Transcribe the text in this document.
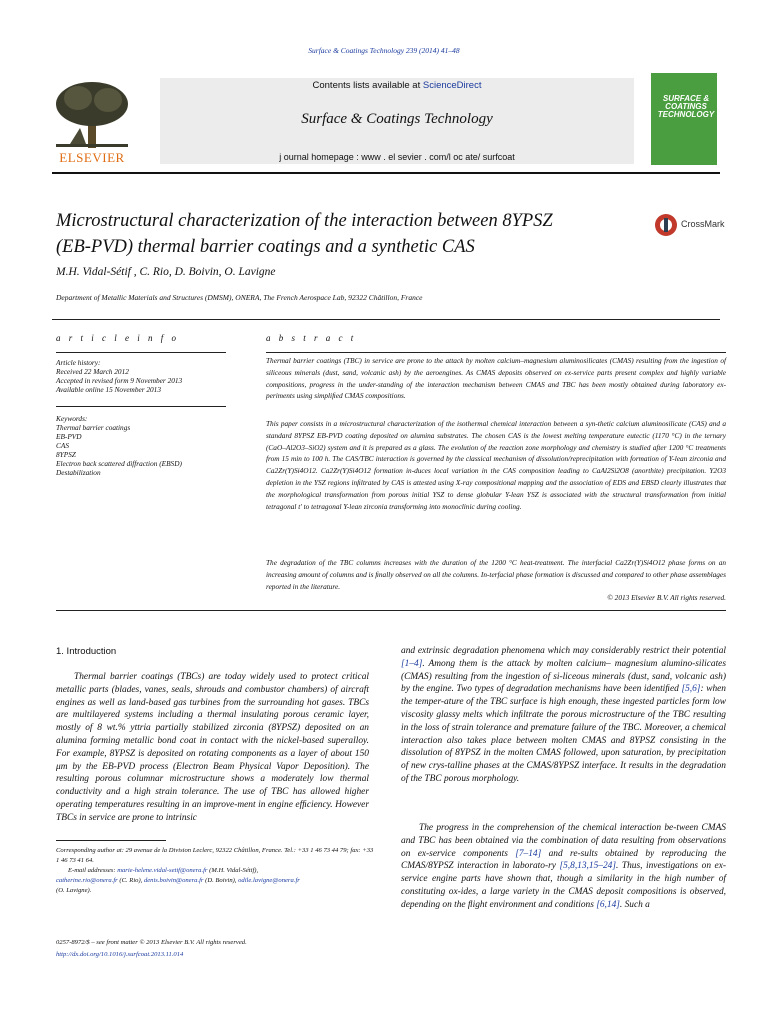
Surface & Coatings Technology 239 (2014) 41–48
Contents lists available at ScienceDirect
Surface & Coatings Technology
j ournal homepage : www . el sevier . com/l oc ate/ surfcoat
ELSEVIER
SURFACE & COATINGS TECHNOLOGY
Microstructural characterization of the interaction between 8YPSZ (EB-PVD) thermal barrier coatings and a synthetic CAS
CrossMark
M.H. Vidal-Sétif , C. Rio, D. Boivin, O. Lavigne
Department of Metallic Materials and Structures (DMSM), ONERA, The French Aerospace Lab, 92322 Châtillon, France
a r t i c l e i n f o
Article history:
Received 22 March 2012
Accepted in revised form 9 November 2013
Available online 15 November 2013
Keywords:
Thermal barrier coatings
EB-PVD
CAS
8YPSZ
Electron back scattered diffraction (EBSD)
Destabilization
a b s t r a c t
Thermal barrier coatings (TBC) in service are prone to the attack by molten calcium–magnesium aluminosilicates (CMAS) resulting from the ingestion of siliceous minerals (dust, sand, volcanic ash) by the aeroengines. As CMAS deposits observed on ex-service parts present complex and highly variable compositions, progress in the under-standing of the interaction mechanism between CMAS and TBC has been mostly obtained during laboratory ex-periments using simpliﬁed CMAS compositions.
This paper consists in a microstructural characterization of the isothermal chemical interaction between a syn-thetic calcium aluminosilicate (CAS) and a standard 8YPSZ EB-PVD coating deposited on alumina substrates. The chosen CAS is the lowest melting temperature eutectic (1170 °C) in the ternary (CaO–Al2O3–SiO2) system and it is prepared as a glass. The evolution of the reaction zone morphology and chemistry is studied after 1200 °C treatments from 15 min to 100 h. The CAS/TBC interaction is governed by the classical mechanism of dissolution/reprecipitation with formation of Y-lean zirconia and Ca2Zr(Y)Si4O12. Ca2Zr(Y)Si4O12 formation in-duces local variation in the CAS composition leading to CaAl2Si2O8 (anorthite) precipitation. Y2O3 depletion in the YSZ regions inﬁltrated by CAS is attested using X-ray compositional mapping and the association of EDS and EBSD clearly illustrates that the morphological transformation from porous initial YSZ to dense globular Y-lean YSZ is associated with the structural transformation from initial tetragonal t' to tetragonal Y-lean zirconia transforming into monoclinic during cooling.
The degradation of the TBC columns increases with the duration of the 1200 °C heat-treatment. The interfacial Ca2Zr(Y)Si4O12 phase forms on an increasing amount of columns and is ﬁnally observed on all the columns. In-terfacial phase formation is discussed and compared to other phase assemblages reported in the literature.
© 2013 Elsevier B.V. All rights reserved.
1. Introduction
Thermal barrier coatings (TBCs) are today widely used to protect critical metallic parts (blades, vanes, seals, shrouds and combustor chambers) of aircraft engines as well as land-based gas turbines from the surrounding hot gases. TBCs are multilayered systems including a thermal insulating porous ceramic layer, mostly of 8 wt.% yttria partially stabilized zirconia (8YPSZ) deposited on an alumina forming metallic bond coat in contact with the nickel-based superalloy. For example, 8YPSZ is deposited on rotating components as a layer of about 150 μm by the EB-PVD process (Electron Beam Physical Vapor Deposition). The resulting porous columnar microstructure shows a moderately low thermal conductivity and a high strain tolerance. The use of TBC has allowed higher operating temperatures resulting in an improve-ment in engine efﬁciency. However TBCs in service are prone to intrinsic
and extrinsic degradation phenomena which may considerably restrict their potential [1–4]. Among them is the attack by molten calcium– magnesium alumino-silicates (CMAS) resulting from the ingestion of si-liceous minerals (dust, sand, volcanic ash) by the engine. Two types of degradation mechanisms have been identiﬁed [5,6]: when the temper-ature of the TBC surface is high enough, these ingested particles form low viscosity glassy melts which inﬁltrate the porous microstructure of the TBC resulting in the loss of strain tolerance and premature failure of the TBC. Moreover, a chemical interaction also takes place between molten CMAS and 8YPSZ consisting in the dissolution of 8YPSZ in the molten CMAS followed, upon saturation, by precipitation of new crys-talline phases at the CMAS/8YPSZ interface. It results in the degradation of the TBC porous morphology.
The progress in the comprehension of the chemical interaction be-tween CMAS and TBC has been obtained via the combination of data resulting from observations on ex-service components [7–14] and re-sults obtained by reproducing the CMAS/8YPSZ interaction in laborato-ry [5,8,13,15–24]. Thus, investigations on ex-service engine parts have shown that, though a similarity in the high number of constituting ox-ides, a large variety in the CMAS deposit compositions is observed, depending on the ﬂight environment and conditions [6,14]. Such a
Corresponding author at: 29 avenue de la Division Leclerc, 92322 Châtillon, France. Tel.: +33 1 46 73 44 79; fax: +33 1 46 73 41 64.
E-mail addresses: marie-helene.vidal-setif@onera.fr (M.H. Vidal-Sétif),
catherine.rio@onera.fr (C. Rio), denis.boivin@onera.fr (D. Boivin), odile.lavigne@onera.fr
(O. Lavigne).
0257-8972/$ – see front matter © 2013 Elsevier B.V. All rights reserved.
http://dx.doi.org/10.1016/j.surfcoat.2013.11.014
